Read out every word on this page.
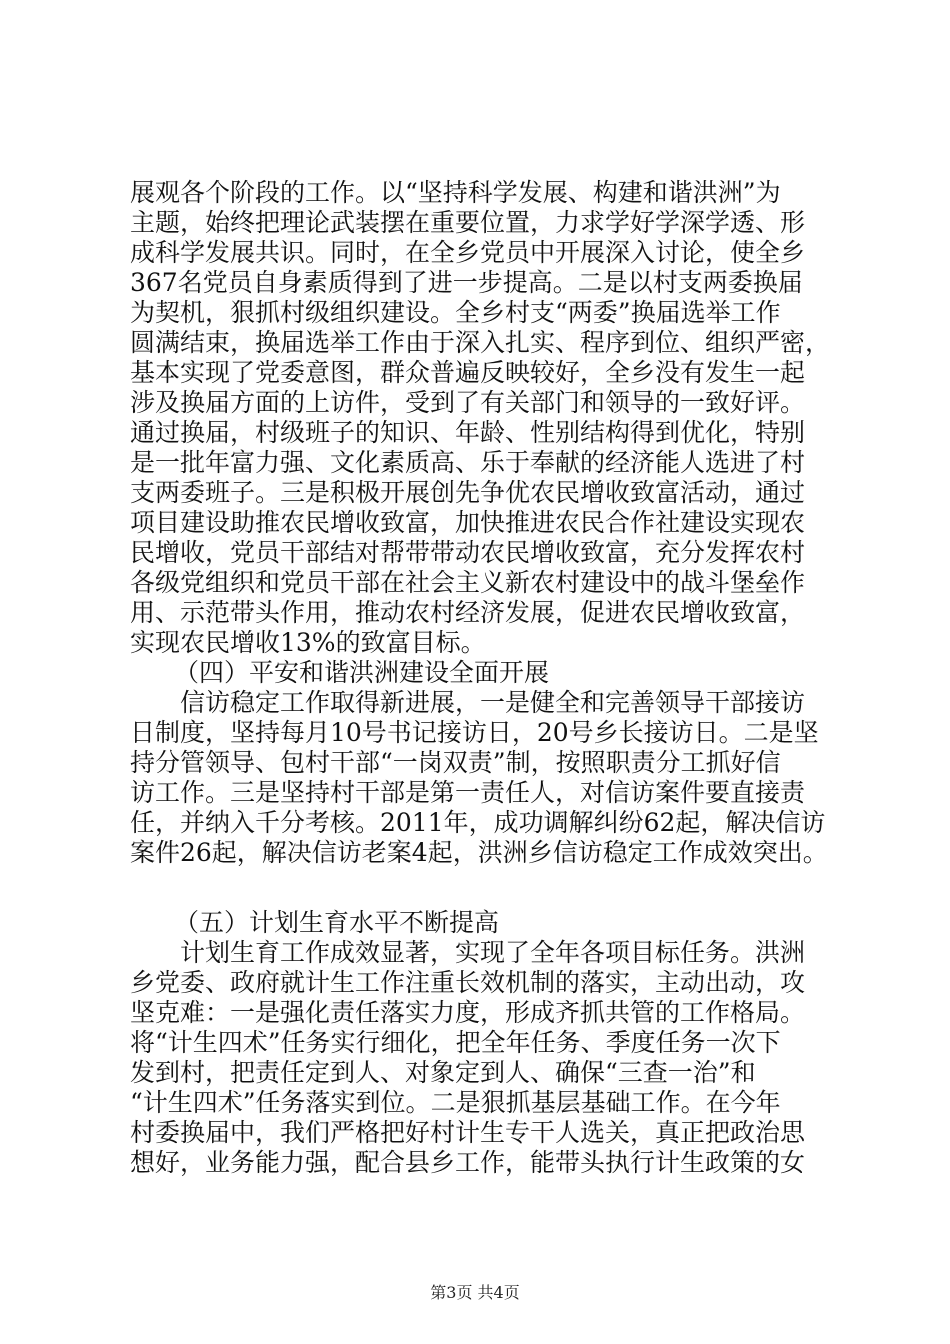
展观各个阶段的工作。以“坚持科学发展、构建和谐洪洲”为
主题，始终把理论武装摆在重要位置，力求学好学深学透、形
成科学发展共识。同时，在全乡党员中开展深入讨论，使全乡
367名党员自身素质得到了进一步提高。二是以村支两委换届
为契机，狠抓村级组织建设。全乡村支“两委”换届选举工作
圆满结束，换届选举工作由于深入扎实、程序到位、组织严密，
基本实现了党委意图，群众普遍反映较好，全乡没有发生一起
涉及换届方面的上访件，受到了有关部门和领导的一致好评。
通过换届，村级班子的知识、年龄、性别结构得到优化，特别
是一批年富力强、文化素质高、乐于奉献的经济能人选进了村
支两委班子。三是积极开展创先争优农民增收致富活动，通过
项目建设助推农民增收致富，加快推进农民合作社建设实现农
民增收，党员干部结对帮带带动农民增收致富，充分发挥农村
各级党组织和党员干部在社会主义新农村建设中的战斗堡垒作
用、示范带头作用，推动农村经济发展，促进农民增收致富，
实现农民增收13%的致富目标。
（四）平安和谐洪洲建设全面开展
信访稳定工作取得新进展，一是健全和完善领导干部接访
日制度，坚持每月10号书记接访日，20号乡长接访日。二是坚
持分管领导、包村干部“一岗双责”制，按照职责分工抓好信
访工作。三是坚持村干部是第一责任人，对信访案件要直接责
任，并纳入千分考核。2011年，成功调解纠纷62起，解决信访
案件26起，解决信访老案4起，洪洲乡信访稳定工作成效突出。
（五）计划生育水平不断提高
计划生育工作成效显著，实现了全年各项目标任务。洪洲
乡党委、政府就计生工作注重长效机制的落实，主动出动，攻
坚克难：一是强化责任落实力度，形成齐抓共管的工作格局。
将“计生四术”任务实行细化，把全年任务、季度任务一次下
发到村，把责任定到人、对象定到人、确保“三查一治”和
“计生四术”任务落实到位。二是狠抓基层基础工作。在今年
村委换届中，我们严格把好村计生专干人选关，真正把政治思
想好，业务能力强，配合县乡工作，能带头执行计生政策的女
第3页 共4页
